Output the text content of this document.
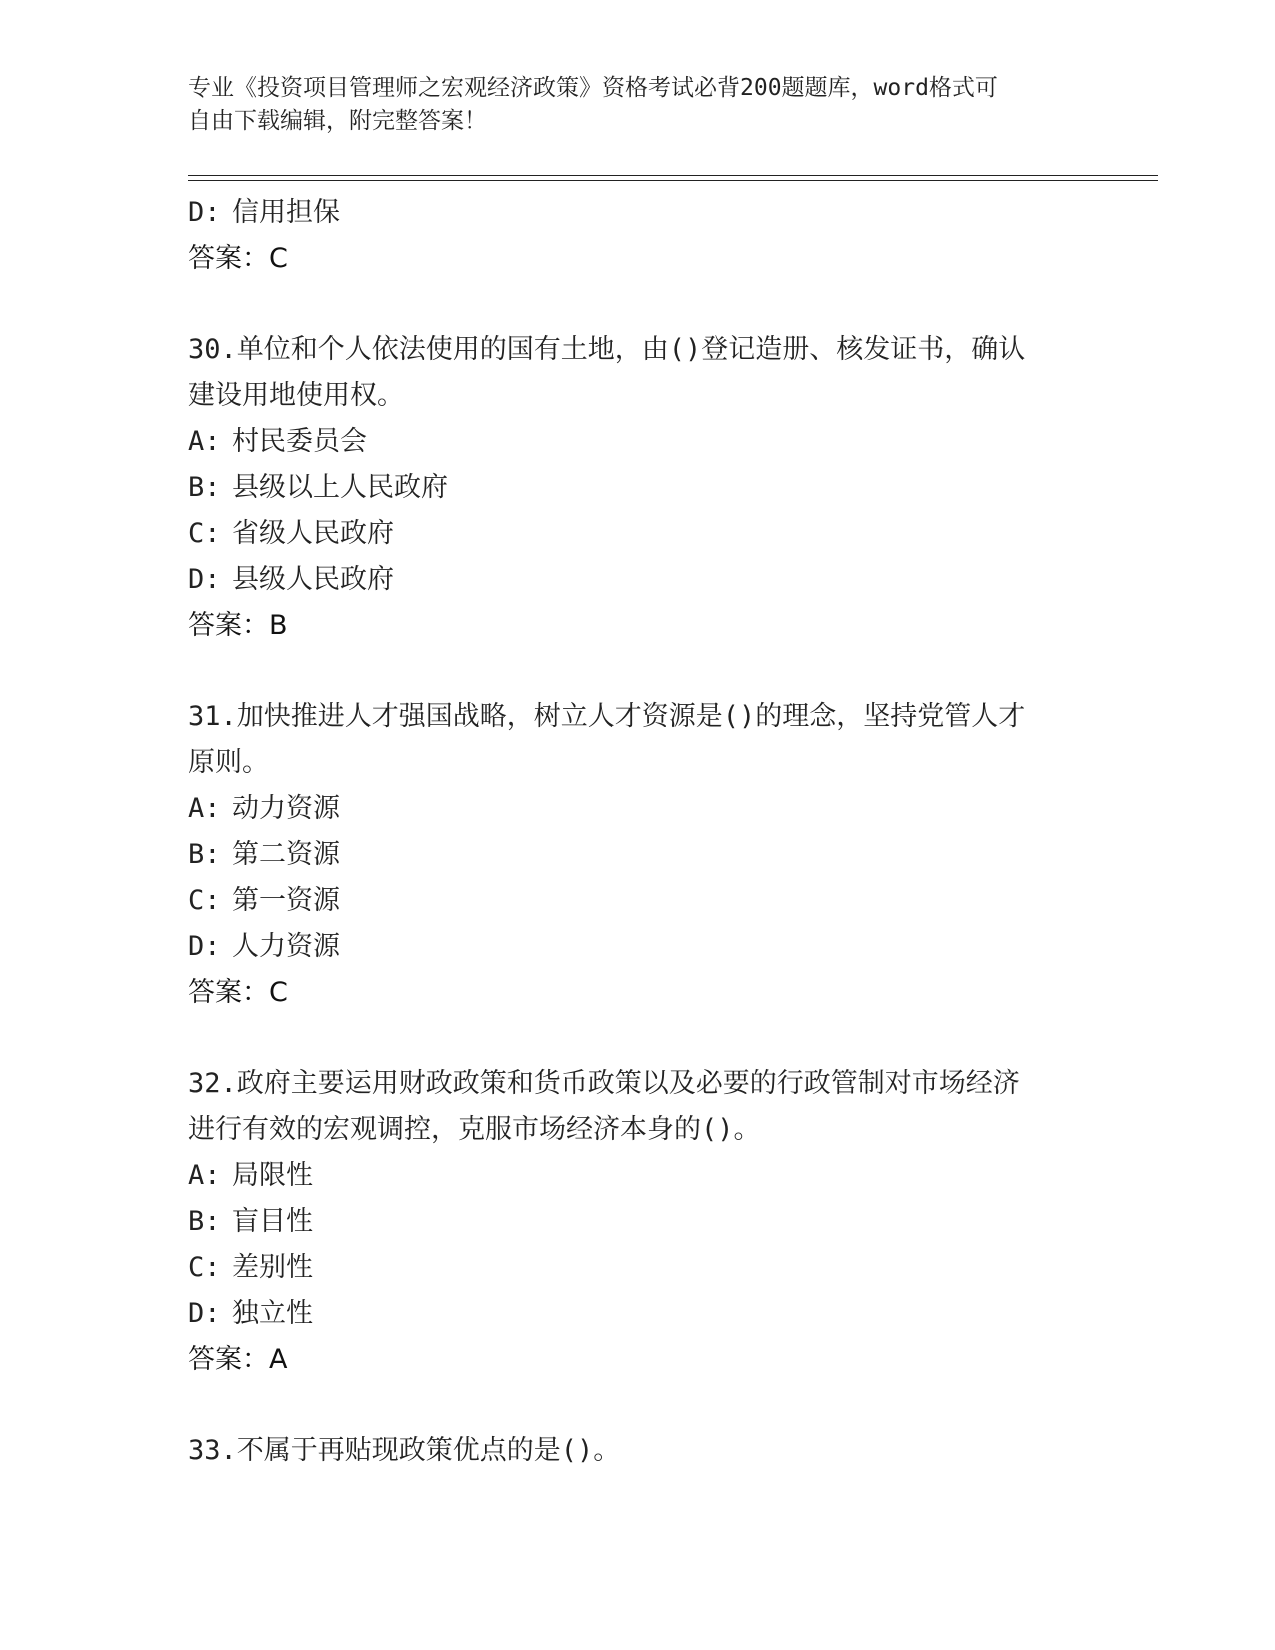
专业《投资项目管理师之宏观经济政策》资格考试必背200题题库，word格式可
自由下载编辑，附完整答案！
D: 信用担保
答案：C
30.单位和个人依法使用的国有土地，由()登记造册、核发证书，确认
建设用地使用权。
A: 村民委员会
B: 县级以上人民政府
C: 省级人民政府
D: 县级人民政府
答案：B
31.加快推进人才强国战略，树立人才资源是()的理念，坚持党管人才
原则。
A: 动力资源
B: 第二资源
C: 第一资源
D: 人力资源
答案：C
32.政府主要运用财政政策和货币政策以及必要的行政管制对市场经济
进行有效的宏观调控，克服市场经济本身的()。
A: 局限性
B: 盲目性
C: 差别性
D: 独立性
答案：A
33.不属于再贴现政策优点的是()。
